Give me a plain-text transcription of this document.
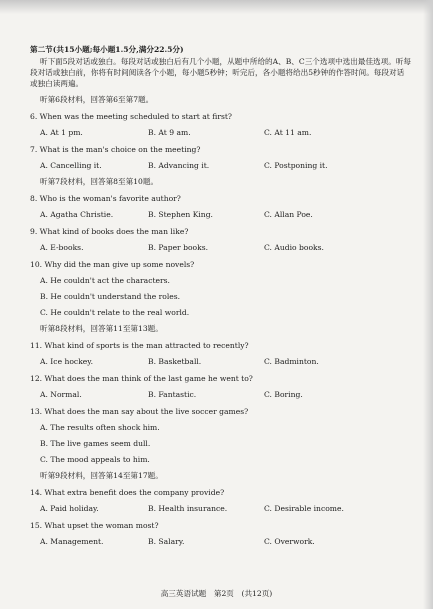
第二节(共15小题;每小题1.5分,满分22.5分)

听下面5段对话或独白。每段对话或独白后有几个小题，从题中所给的A、B、C三个选项中选出最佳选项。听每段对话或独白前，你将有时间阅读各个小题，每小题5秒钟；听完后，各小题将给出5秒钟的作答时间。每段对话或独白读两遍。

听第6段材料，回答第6至第7题。
6. When was the meeting scheduled to start at first?
A. At 1 pm.	B. At 9 am.	C. At 11 am.
7. What is the man's choice on the meeting?
A. Cancelling it.	B. Advancing it.	C. Postponing it.
听第7段材料，回答第8至第10题。
8. Who is the woman's favorite author?
A. Agatha Christie.	B. Stephen King.	C. Allan Poe.
9. What kind of books does the man like?
A. E-books.	B. Paper books.	C. Audio books.
10. Why did the man give up some novels?
A. He couldn't act the characters.
B. He couldn't understand the roles.
C. He couldn't relate to the real world.
听第8段材料，回答第11至第13题。
11. What kind of sports is the man attracted to recently?
A. Ice hockey.	B. Basketball.	C. Badminton.
12. What does the man think of the last game he went to?
A. Normal.	B. Fantastic.	C. Boring.
13. What does the man say about the live soccer games?
A. The results often shock him.
B. The live games seem dull.
C. The mood appeals to him.
听第9段材料，回答第14至第17题。
14. What extra benefit does the company provide?
A. Paid holiday.	B. Health insurance.	C. Desirable income.
15. What upset the woman most?
A. Management.	B. Salary.	C. Overwork.
高三英语试题　第2页　(共12页)
